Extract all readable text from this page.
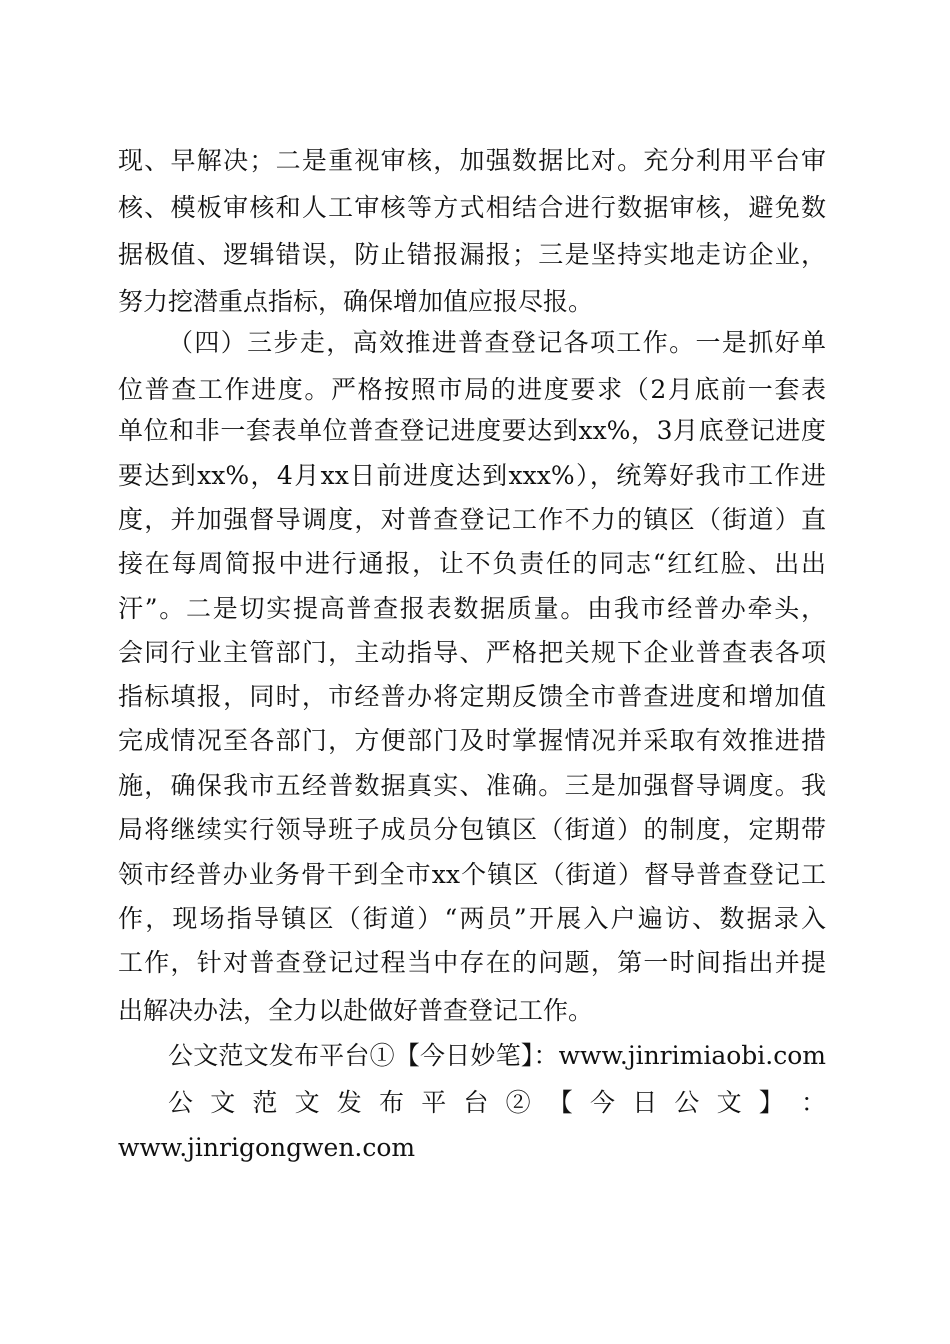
现、早解决；二是重视审核，加强数据比对。充分利用平台审
核、模板审核和人工审核等方式相结合进行数据审核，避免数
据极值、逻辑错误，防止错报漏报；三是坚持实地走访企业，
努力挖潜重点指标，确保增加值应报尽报。
（四）三步走，高效推进普查登记各项工作。一是抓好单
位普查工作进度。严格按照市局的进度要求（2月底前一套表
单位和非一套表单位普查登记进度要达到xx%，3月底登记进度
要达到xx%，4月xx日前进度达到xxx%），统筹好我市工作进
度，并加强督导调度，对普查登记工作不力的镇区（街道）直
接在每周简报中进行通报，让不负责任的同志“红红脸、出出
汗”。二是切实提高普查报表数据质量。由我市经普办牵头，
会同行业主管部门，主动指导、严格把关规下企业普查表各项
指标填报，同时，市经普办将定期反馈全市普查进度和增加值
完成情况至各部门，方便部门及时掌握情况并采取有效推进措
施，确保我市五经普数据真实、准确。三是加强督导调度。我
局将继续实行领导班子成员分包镇区（街道）的制度，定期带
领市经普办业务骨干到全市xx个镇区（街道）督导普查登记工
作，现场指导镇区（街道）“两员”开展入户遍访、数据录入
工作，针对普查登记过程当中存在的问题，第一时间指出并提
出解决办法，全力以赴做好普查登记工作。
公文范文发布平台①【今日妙笔】：www.jinrimiaobi.com
公 文 范 文 发 布 平 台 ② 【 今 日 公 文 】 ：
www.jinrigongwen.com
